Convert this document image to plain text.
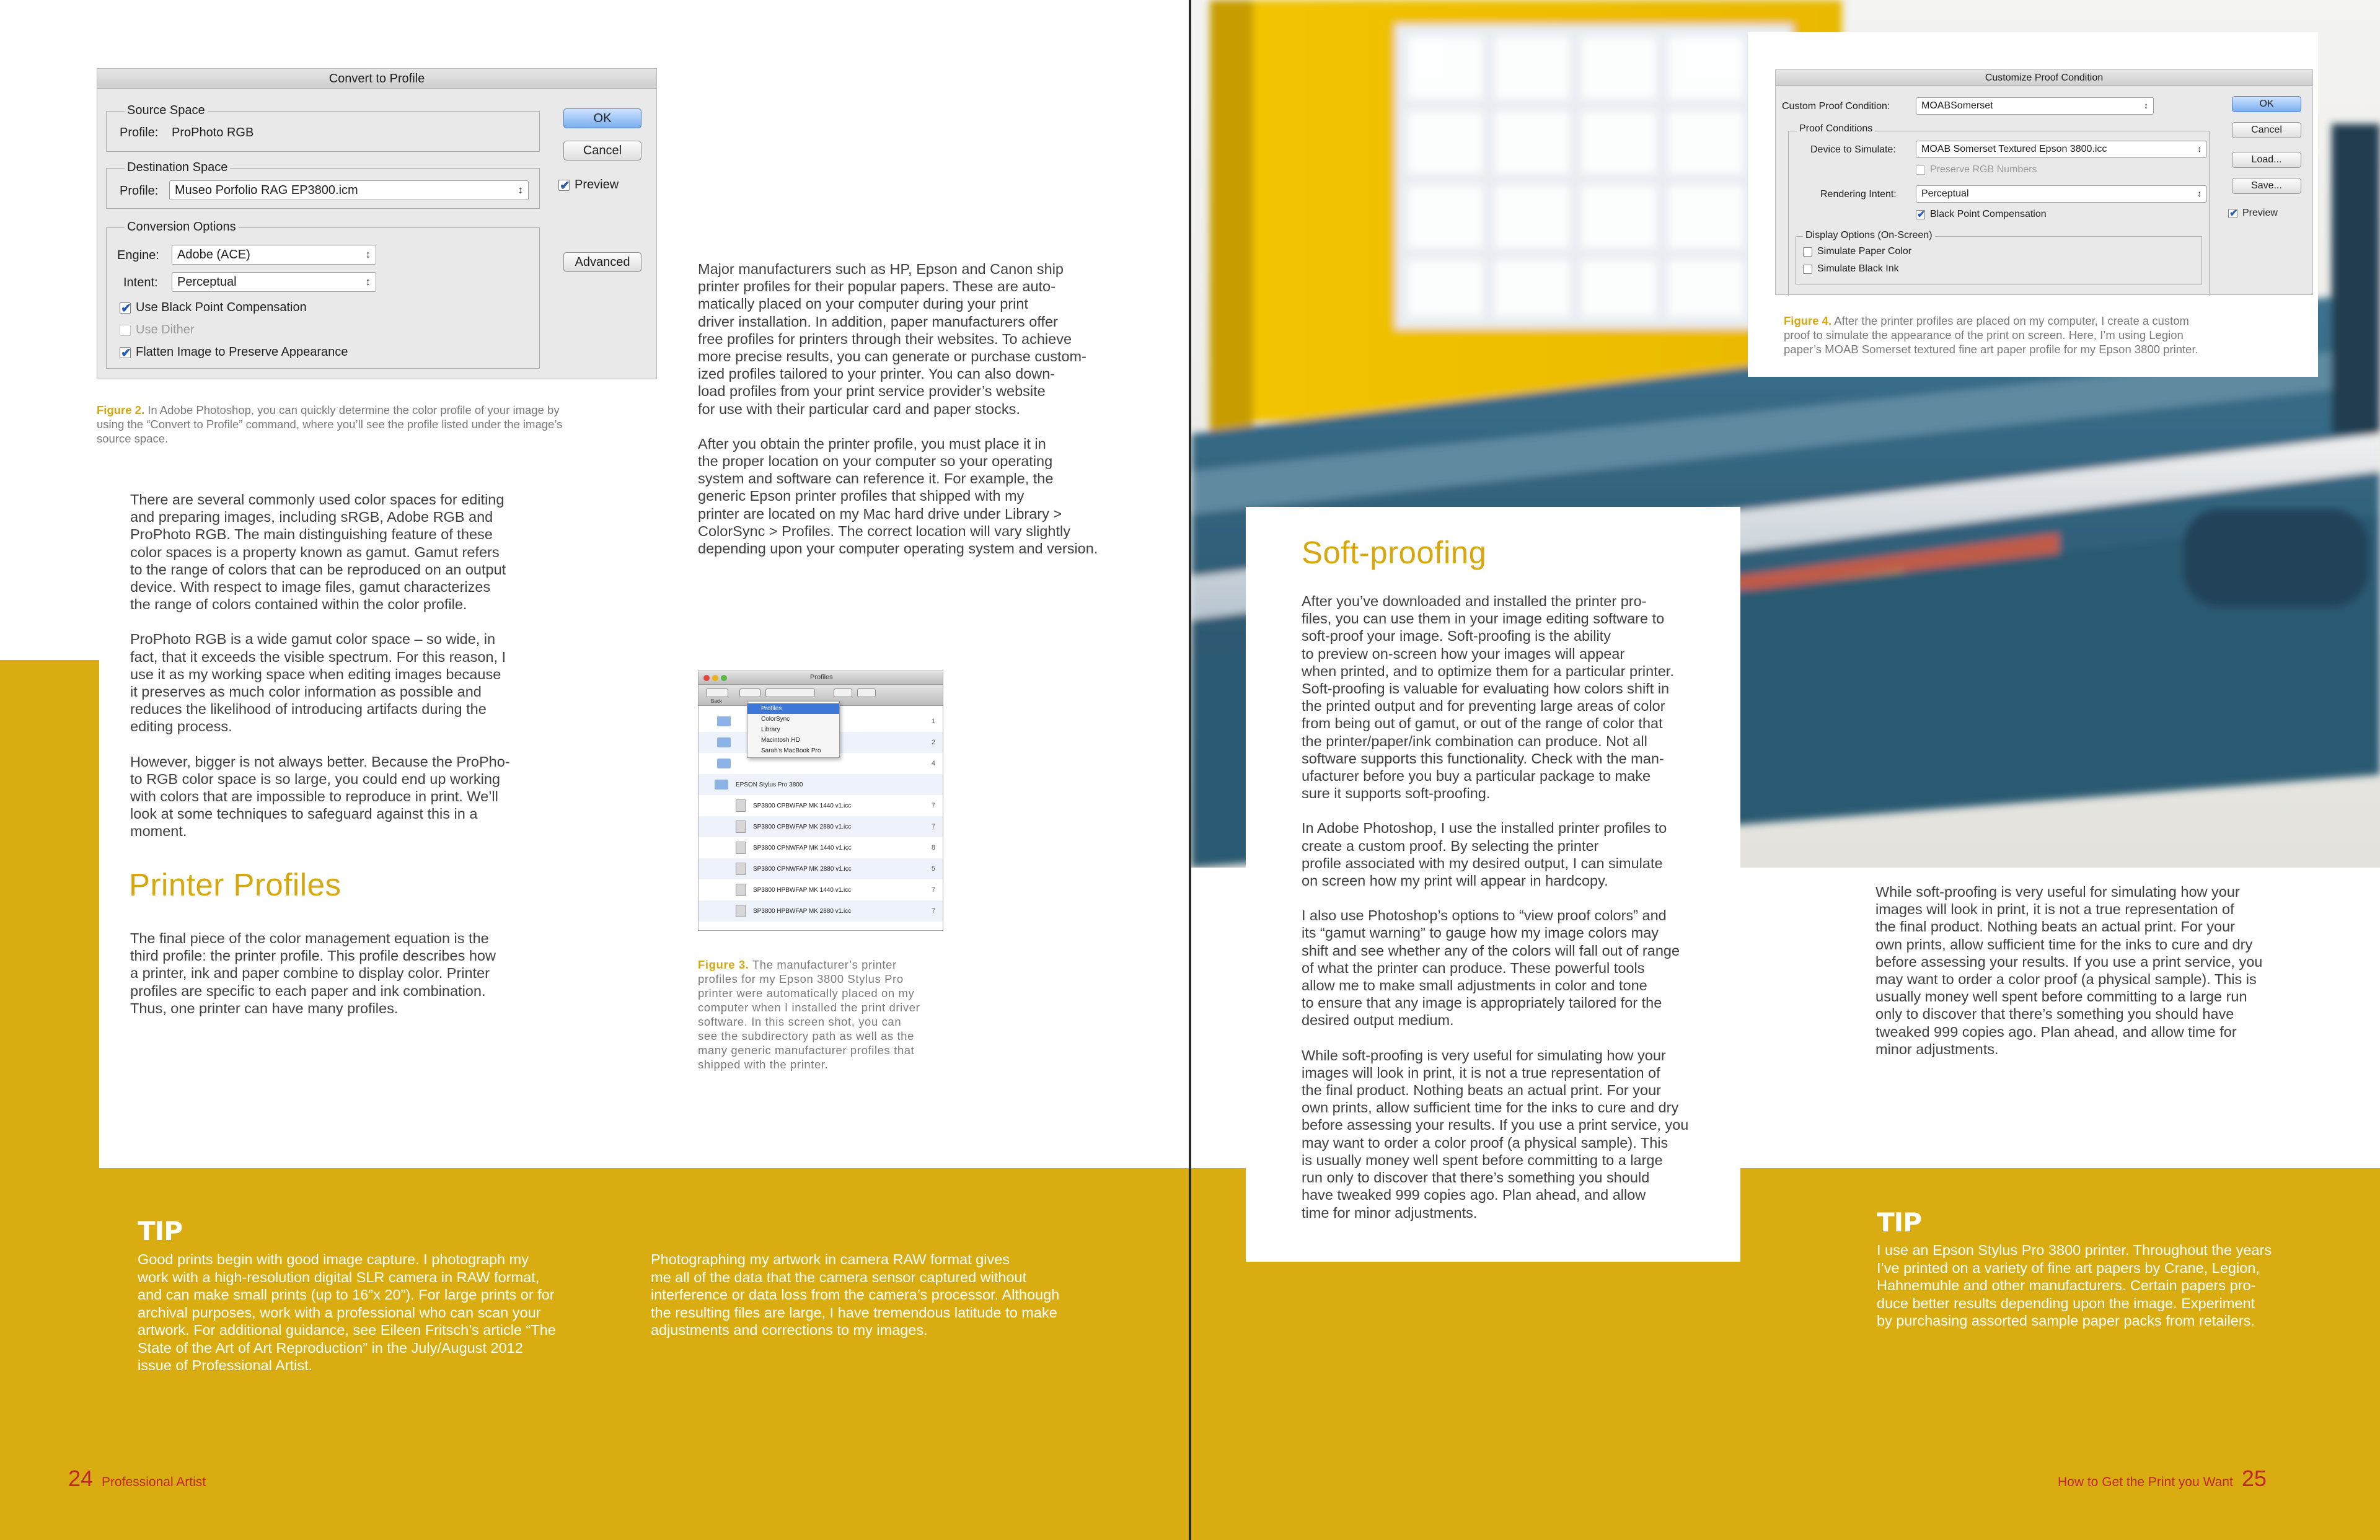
Convert to Profile
Source Space
Profile: ProPhoto RGB
Destination Space
Profile:	Museo Porfolio RAG EP3800.icm ↕
Conversion Options
Engine:	Adobe (ACE) ↕
Intent:	Perceptual ↕
✔
Use Black Point Compensation
Use Dither
✔
Flatten Image to Preserve Appearance
OK
Cancel
✔
Preview
Advanced
Figure 2. In Adobe Photoshop, you can quickly determine the color profile of your image by
using the “Convert to Profile” command, where you’ll see the profile listed under the image’s
source space.

There are several commonly used color spaces for editing
and preparing images, including sRGB, Adobe RGB and
ProPhoto RGB. The main distinguishing feature of these
color spaces is a property known as gamut. Gamut refers
to the range of colors that can be reproduced on an output
device. With respect to image files, gamut characterizes
the range of colors contained within the color profile.

ProPhoto RGB is a wide gamut color space – so wide, in
fact, that it exceeds the visible spectrum. For this reason, I
use it as my working space when editing images because
it preserves as much color information as possible and
reduces the likelihood of introducing artifacts during the
editing process.

However, bigger is not always better. Because the ProPho-
to RGB color space is so large, you could end up working
with colors that are impossible to reproduce in print. We’ll
look at some techniques to safeguard against this in a
moment.

Printer Profiles

The final piece of the color management equation is the
third profile: the printer profile. This profile describes how
a printer, ink and paper combine to display color. Printer
profiles are specific to each paper and ink combination.
Thus, one printer can have many profiles.

Major manufacturers such as HP, Epson and Canon ship
printer profiles for their popular papers. These are auto-
matically placed on your computer during your print
driver installation. In addition, paper manufacturers offer
free profiles for printers through their websites. To achieve
more precise results, you can generate or purchase custom-
ized profiles tailored to your printer. You can also down-
load profiles from your print service provider’s website
for use with their particular card and paper stocks.

After you obtain the printer profile, you must place it in
the proper location on your computer so your operating
system and software can reference it. For example, the
generic Epson printer profiles that shipped with my
printer are located on my Mac hard drive under Library >
ColorSync > Profiles. The correct location will vary slightly
depending upon your computer operating system and version.

Profiles
Back
1
2
4
EPSON Stylus Pro 3800
SP3800 CPBWFAP MK 1440 v1.icc	7
SP3800 CPBWFAP MK 2880 v1.icc	7
SP3800 CPNWFAP MK 1440 v1.icc	8
SP3800 CPNWFAP MK 2880 v1.icc	5
SP3800 HPBWFAP MK 1440 v1.icc	7
SP3800 HPBWFAP MK 2880 v1.icc	7
Profiles
ColorSync
Library
Macintosh HD
Sarah's MacBook Pro
Figure 3. The manufacturer’s printer
profiles for my Epson 3800 Stylus Pro
printer were automatically placed on my
computer when I installed the print driver
software. In this screen shot, you can
see the subdirectory path as well as the
many generic manufacturer profiles that
shipped with the printer.
TIP
Good prints begin with good image capture. I photograph my
work with a high-resolution digital SLR camera in RAW format,
and can make small prints (up to 16”x 20”). For large prints or for
archival purposes, work with a professional who can scan your
artwork. For additional guidance, see Eileen Fritsch’s article “The
State of the Art of Art Reproduction” in the July/August 2012
issue of Professional Artist.
Photographing my artwork in camera RAW format gives
me all of the data that the camera sensor captured without
interference or data loss from the camera’s processor. Although
the resulting files are large, I have tremendous latitude to make
adjustments and corrections to my images.
24 Professional Artist
Customize Proof Condition
Custom Proof Condition:	MOABSomerset ↕
Proof Conditions
Device to Simulate:	MOAB Somerset Textured Epson 3800.icc ↕
Preserve RGB Numbers
Rendering Intent:	Perceptual ↕
✔
Black Point Compensation
Display Options (On-Screen)
Simulate Paper Color
Simulate Black Ink
OK
Cancel
Load...
Save...
✔
Preview
Figure 4. After the printer profiles are placed on my computer, I create a custom
proof to simulate the appearance of the print on screen. Here, I’m using Legion
paper’s MOAB Somerset textured fine art paper profile for my Epson 3800 printer.
Soft-proofing

After you’ve downloaded and installed the printer pro-
files, you can use them in your image editing software to
soft-proof your image. Soft-proofing is the ability
to preview on-screen how your images will appear
when printed, and to optimize them for a particular printer.
Soft-proofing is valuable for evaluating how colors shift in
the printed output and for preventing large areas of color
from being out of gamut, or out of the range of color that
the printer/paper/ink combination can produce. Not all
software supports this functionality. Check with the man-
ufacturer before you buy a particular package to make
sure it supports soft-proofing.

In Adobe Photoshop, I use the installed printer profiles to
create a custom proof. By selecting the printer
profile associated with my desired output, I can simulate
on screen how my print will appear in hardcopy.

I also use Photoshop’s options to “view proof colors” and
its “gamut warning” to gauge how my image colors may
shift and see whether any of the colors will fall out of range
of what the printer can produce. These powerful tools
allow me to make small adjustments in color and tone
to ensure that any image is appropriately tailored for the
desired output medium.

While soft-proofing is very useful for simulating how your
images will look in print, it is not a true representation of
the final product. Nothing beats an actual print. For your
own prints, allow sufficient time for the inks to cure and dry
before assessing your results. If you use a print service, you
may want to order a color proof (a physical sample). This
is usually money well spent before committing to a large
run only to discover that there’s something you should
have tweaked 999 copies ago. Plan ahead, and allow
time for minor adjustments.

While soft-proofing is very useful for simulating how your
images will look in print, it is not a true representation of
the final product. Nothing beats an actual print. For your
own prints, allow sufficient time for the inks to cure and dry
before assessing your results. If you use a print service, you
may want to order a color proof (a physical sample). This is
usually money well spent before committing to a large run
only to discover that there’s something you should have
tweaked 999 copies ago. Plan ahead, and allow time for
minor adjustments.
TIP
I use an Epson Stylus Pro 3800 printer. Throughout the years
I’ve printed on a variety of fine art papers by Crane, Legion,
Hahnemuhle and other manufacturers. Certain papers pro-
duce better results depending upon the image. Experiment
by purchasing assorted sample paper packs from retailers.
How to Get the Print you Want 25
